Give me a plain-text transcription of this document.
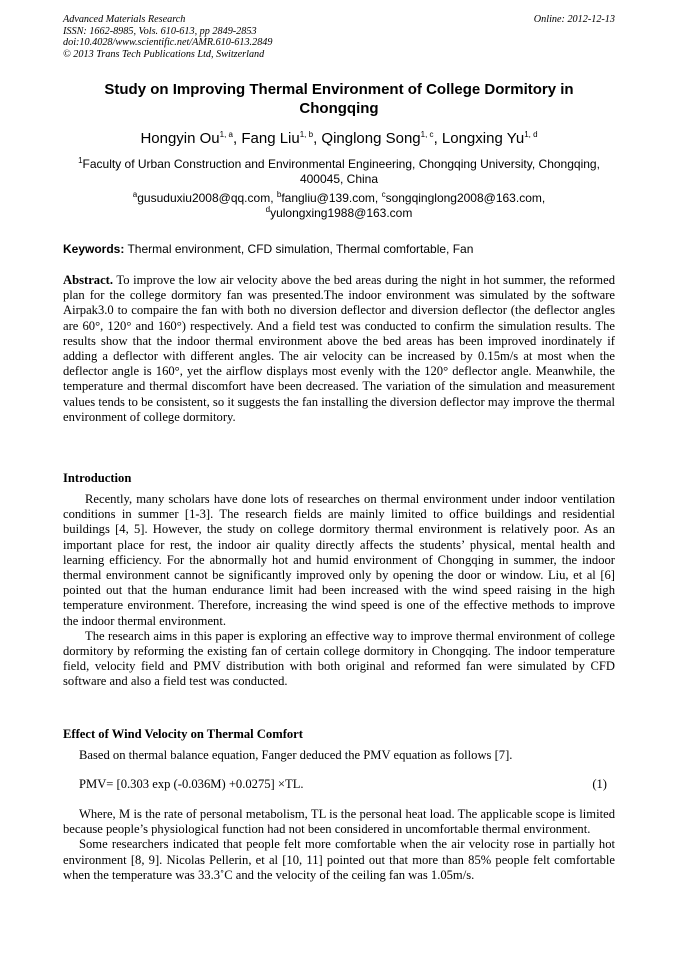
Advanced Materials Research
ISSN: 1662-8985, Vols. 610-613, pp 2849-2853
doi:10.4028/www.scientific.net/AMR.610-613.2849
© 2013 Trans Tech Publications Ltd, Switzerland
Online: 2012-12-13
Study on Improving Thermal Environment of College Dormitory in
Chongqing
Hongyin Ou$^{1, a}$, Fang Liu$^{1, b}$, Qinglong Song$^{1, c}$, Longxing Yu$^{1, d}$
$^1$Faculty of Urban Construction and Environmental Engineering, Chongqing University, Chongqing, 400045, China
$^a$gusuduxiu2008@qq.com, $^b$fangliu@139.com, $^c$songqinglong2008@163.com,
$^d$yulongxing1988@163.com
Keywords: Thermal environment, CFD simulation, Thermal comfortable, Fan
Abstract. To improve the low air velocity above the bed areas during the night in hot summer, the reformed plan for the college dormitory fan was presented.The indoor environment was simulated by the software Airpak3.0 to compaire the fan with both no diversion deflector and diversion deflector (the deflector angles are 60°, 120° and 160°) respectively. And a field test was conducted to confirm the simulation results. The results show that the indoor thermal environment above the bed areas has been improved inordinately if adding a deflector with different angles. The air velocity can be increased by 0.15m/s at most when the deflector angle is 160°, yet the airflow displays most evenly with the 120° deflector angle. Meanwhile, the temperature and thermal discomfort have been decreased. The variation of the simulation and measurement values tends to be consistent, so it suggests the fan installing the diversion deflector may improve the thermal environment of college dormitory.
Introduction

Recently, many scholars have done lots of researches on thermal environment under indoor ventilation conditions in summer [1-3]. The research fields are mainly limited to office buildings and residential buildings [4, 5]. However, the study on college dormitory thermal environment is relatively poor. As an important place for rest, the indoor air quality directly affects the students’ physical, mental health and learning efficiency. For the abnormally hot and humid environment of Chongqing in summer, the indoor thermal environment cannot be significantly improved only by opening the door or window. Liu, et al [6] pointed out that the human endurance limit had been increased with the wind speed raising in the high temperature environment. Therefore, increasing the wind speed is one of the effective methods to improve the indoor thermal environment.

The research aims in this paper is exploring an effective way to improve thermal environment of college dormitory by reforming the existing fan of certain college dormitory in Chongqing. The indoor temperature field, velocity field and PMV distribution with both original and reformed fan were simulated by CFD software and also a field test was conducted.

Effect of Wind Velocity on Thermal Comfort
Based on thermal balance equation, Fanger deduced the PMV equation as follows [7].
PMV= [0.303 exp (-0.036M) +0.0275] ×TL.	(1)

Where, M is the rate of personal metabolism, TL is the personal heat load. The applicable scope is limited because people’s physiological function had not been considered in uncomfortable thermal environment.

Some researchers indicated that people felt more comfortable when the air velocity rose in partially hot environment [8, 9]. Nicolas Pellerin, et al [10, 11] pointed out that more than 85% people felt comfortable when the temperature was 33.3˚C and the velocity of the ceiling fan was 1.05m/s.
